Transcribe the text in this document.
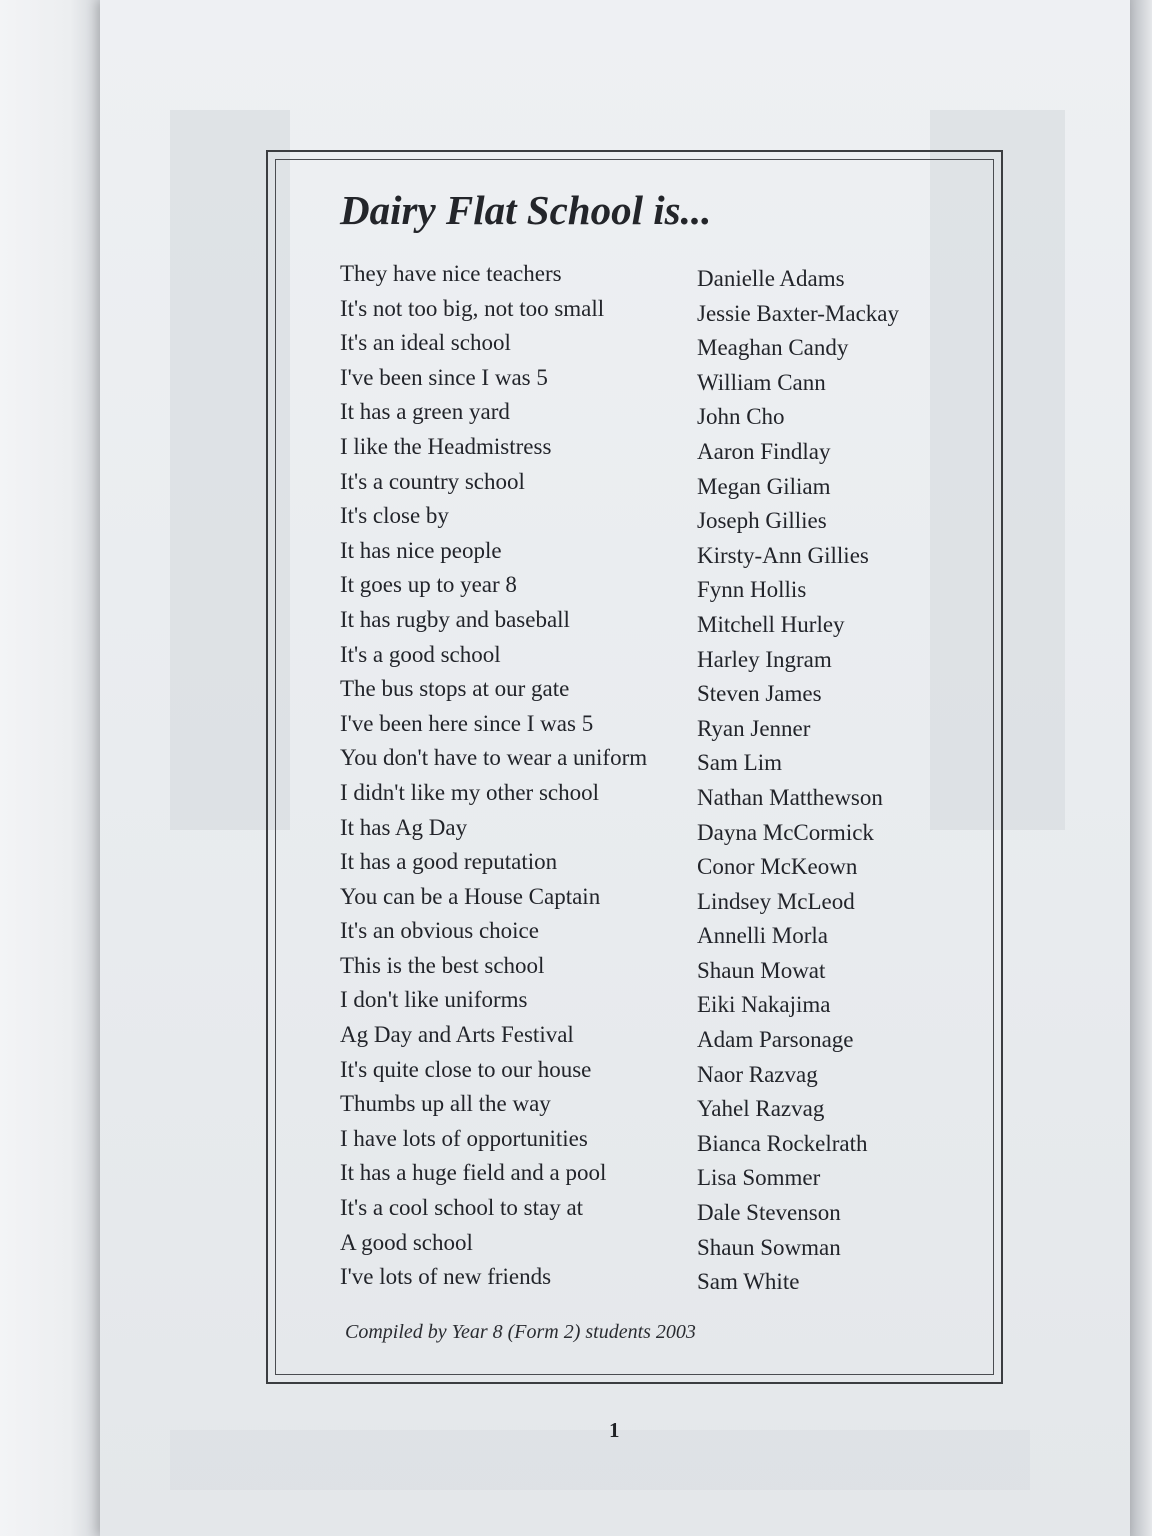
Dairy Flat School is...
They have nice teachers
It's not too big, not too small
It's an ideal school
I've been since I was 5
It has a green yard
I like the Headmistress
It's a country school
It's close by
It has nice people
It goes up to year 8
It has rugby and baseball
It's a good school
The bus stops at our gate
I've been here since I was 5
You don't have to wear a uniform
I didn't like my other school
It has Ag Day
It has a good reputation
You can be a House Captain
It's an obvious choice
This is the best school
I don't like uniforms
Ag Day and Arts Festival
It's quite close to our house
Thumbs up all the way
I have lots of opportunities
It has a huge field and a pool
It's a cool school to stay at
A good school
I've lots of new friends
Danielle Adams
Jessie Baxter-Mackay
Meaghan Candy
William Cann
John Cho
Aaron Findlay
Megan Giliam
Joseph Gillies
Kirsty-Ann Gillies
Fynn Hollis
Mitchell Hurley
Harley Ingram
Steven James
Ryan Jenner
Sam Lim
Nathan Matthewson
Dayna McCormick
Conor McKeown
Lindsey McLeod
Annelli Morla
Shaun Mowat
Eiki Nakajima
Adam Parsonage
Naor Razvag
Yahel Razvag
Bianca Rockelrath
Lisa Sommer
Dale Stevenson
Shaun Sowman
Sam White
Compiled by Year 8 (Form 2) students 2003
1
